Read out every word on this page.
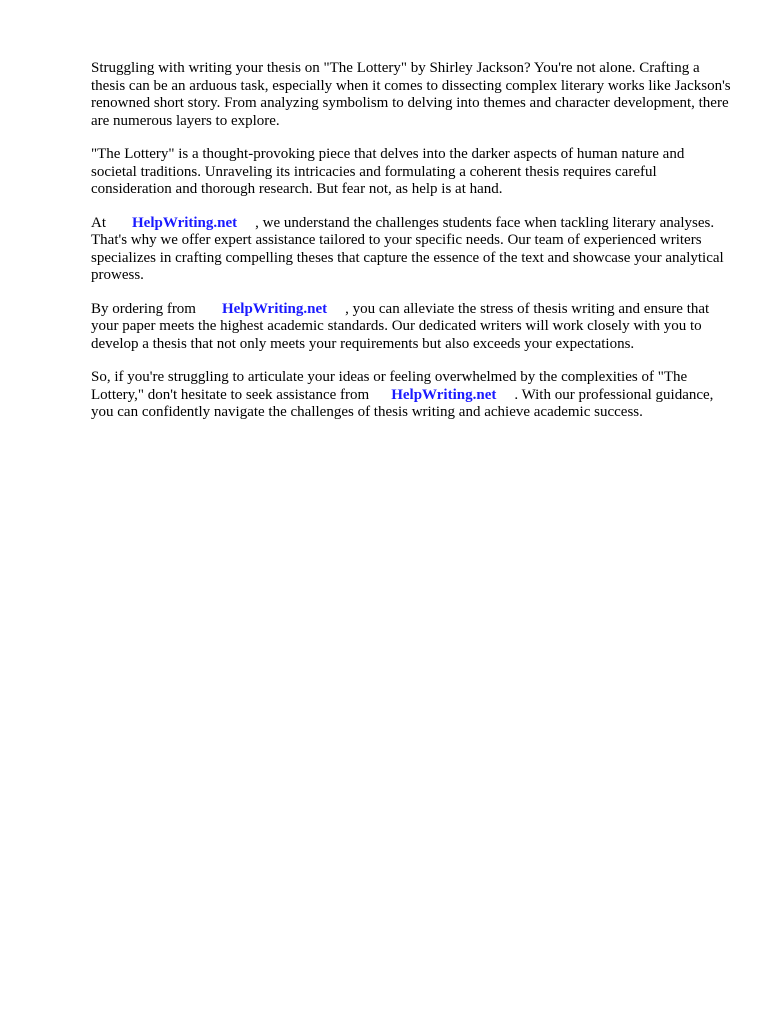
Struggling with writing your thesis on "The Lottery" by Shirley Jackson? You're not alone. Crafting a thesis can be an arduous task, especially when it comes to dissecting complex literary works like Jackson's renowned short story. From analyzing symbolism to delving into themes and character development, there are numerous layers to explore.

"The Lottery" is a thought-provoking piece that delves into the darker aspects of human nature and societal traditions. Unraveling its intricacies and formulating a coherent thesis requires careful consideration and thorough research. But fear not, as help is at hand.

At HelpWriting.net , we understand the challenges students face when tackling literary analyses. That's why we offer expert assistance tailored to your specific needs. Our team of experienced writers specializes in crafting compelling theses that capture the essence of the text and showcase your analytical prowess.

By ordering from HelpWriting.net , you can alleviate the stress of thesis writing and ensure that your paper meets the highest academic standards. Our dedicated writers will work closely with you to develop a thesis that not only meets your requirements but also exceeds your expectations.

So, if you're struggling to articulate your ideas or feeling overwhelmed by the complexities of "The Lottery," don't hesitate to seek assistance from HelpWriting.net . With our professional guidance, you can confidently navigate the challenges of thesis writing and achieve academic success.
